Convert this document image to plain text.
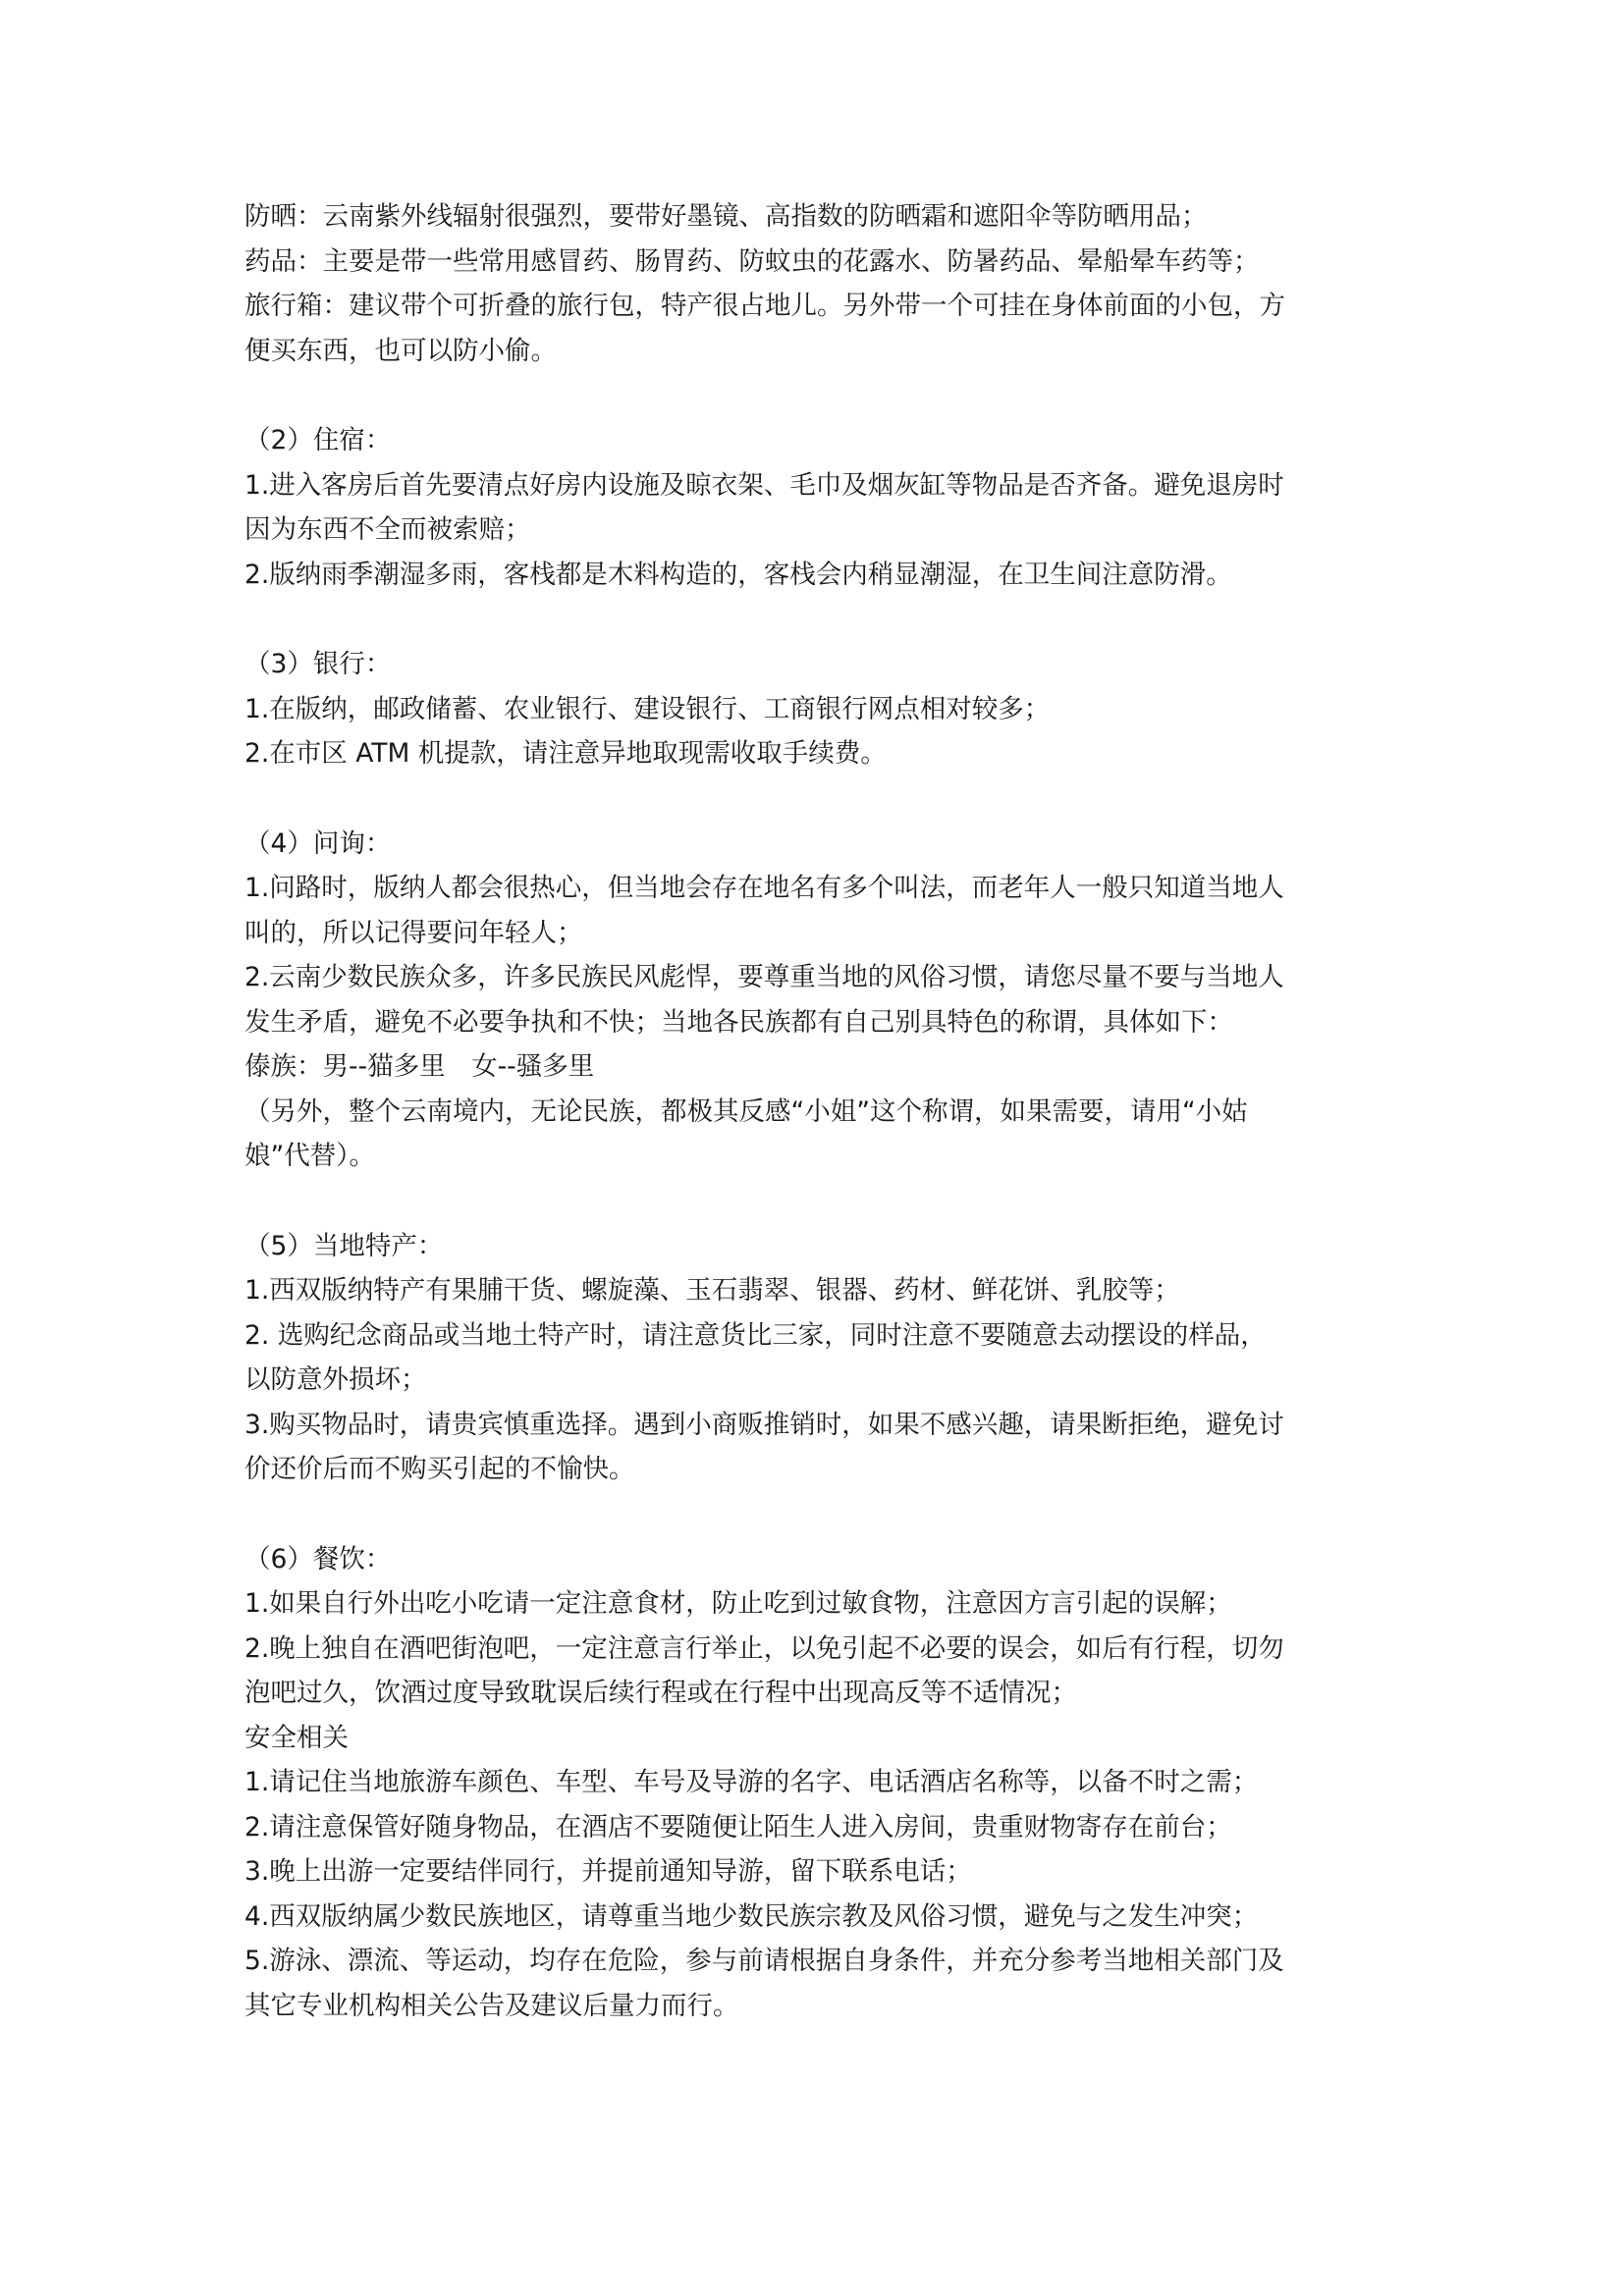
防晒：云南紫外线辐射很强烈，要带好墨镜、高指数的防晒霜和遮阳伞等防晒用品；
药品：主要是带一些常用感冒药、肠胃药、防蚊虫的花露水、防暑药品、晕船晕车药等；
旅行箱：建议带个可折叠的旅行包，特产很占地儿。另外带一个可挂在身体前面的小包，方
便买东西，也可以防小偷。
（2）住宿：
1.进入客房后首先要清点好房内设施及晾衣架、毛巾及烟灰缸等物品是否齐备。避免退房时
因为东西不全而被索赔；
2.版纳雨季潮湿多雨，客栈都是木料构造的，客栈会内稍显潮湿，在卫生间注意防滑。
（3）银行：
1.在版纳，邮政储蓄、农业银行、建设银行、工商银行网点相对较多；
2.在市区 ATM 机提款，请注意异地取现需收取手续费。
（4）问询：
1.问路时，版纳人都会很热心，但当地会存在地名有多个叫法，而老年人一般只知道当地人
叫的，所以记得要问年轻人；
2.云南少数民族众多，许多民族民风彪悍，要尊重当地的风俗习惯，请您尽量不要与当地人
发生矛盾，避免不必要争执和不快；当地各民族都有自己别具特色的称谓，具体如下：
傣族：男--猫多里　女--骚多里
（另外，整个云南境内，无论民族，都极其反感“小姐”这个称谓，如果需要，请用“小姑
娘”代替）。
（5）当地特产：
1.西双版纳特产有果脯干货、螺旋藻、玉石翡翠、银器、药材、鲜花饼、乳胶等；
2. 选购纪念商品或当地土特产时，请注意货比三家，同时注意不要随意去动摆设的样品，
以防意外损坏；
3.购买物品时，请贵宾慎重选择。遇到小商贩推销时，如果不感兴趣，请果断拒绝，避免讨
价还价后而不购买引起的不愉快。
（6）餐饮：
1.如果自行外出吃小吃请一定注意食材，防止吃到过敏食物，注意因方言引起的误解；
2.晚上独自在酒吧街泡吧，一定注意言行举止，以免引起不必要的误会，如后有行程，切勿
泡吧过久，饮酒过度导致耽误后续行程或在行程中出现高反等不适情况；
安全相关
1.请记住当地旅游车颜色、车型、车号及导游的名字、电话酒店名称等，以备不时之需；
2.请注意保管好随身物品，在酒店不要随便让陌生人进入房间，贵重财物寄存在前台；
3.晚上出游一定要结伴同行，并提前通知导游，留下联系电话；
4.西双版纳属少数民族地区，请尊重当地少数民族宗教及风俗习惯，避免与之发生冲突；
5.游泳、漂流、等运动，均存在危险，参与前请根据自身条件，并充分参考当地相关部门及
其它专业机构相关公告及建议后量力而行。
